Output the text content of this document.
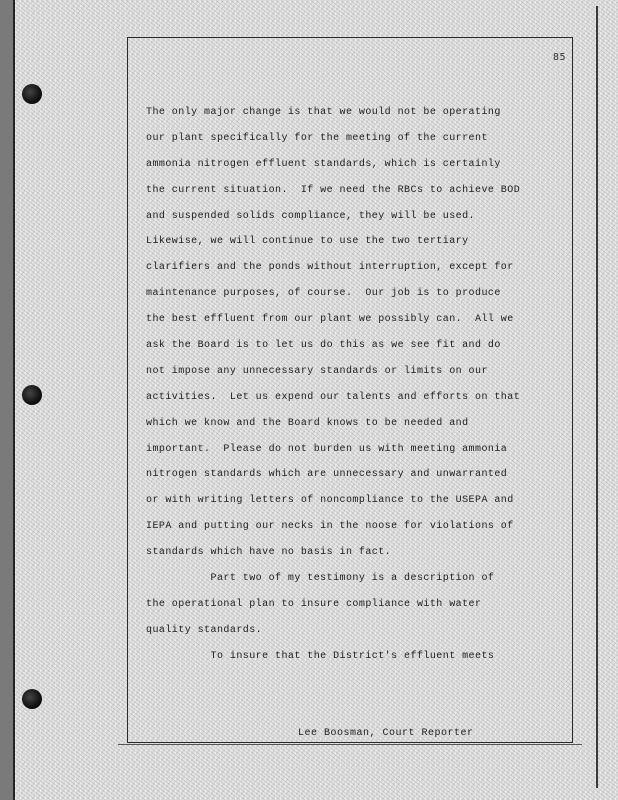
85
The only major change is that we would not be operating
our plant specifically for the meeting of the current
ammonia nitrogen effluent standards, which is certainly
the current situation.  If we need the RBCs to achieve BOD
and suspended solids compliance, they will be used.
Likewise, we will continue to use the two tertiary
clarifiers and the ponds without interruption, except for
maintenance purposes, of course.  Our job is to produce
the best effluent from our plant we possibly can.  All we
ask the Board is to let us do this as we see fit and do
not impose any unnecessary standards or limits on our
activities.  Let us expend our talents and efforts on that
which we know and the Board knows to be needed and
important.  Please do not burden us with meeting ammonia
nitrogen standards which are unnecessary and unwarranted
or with writing letters of noncompliance to the USEPA and
IEPA and putting our necks in the noose for violations of
standards which have no basis in fact.
Part two of my testimony is a description of
the operational plan to insure compliance with water
quality standards.
To insure that the District's effluent meets
Lee Boosman, Court Reporter
